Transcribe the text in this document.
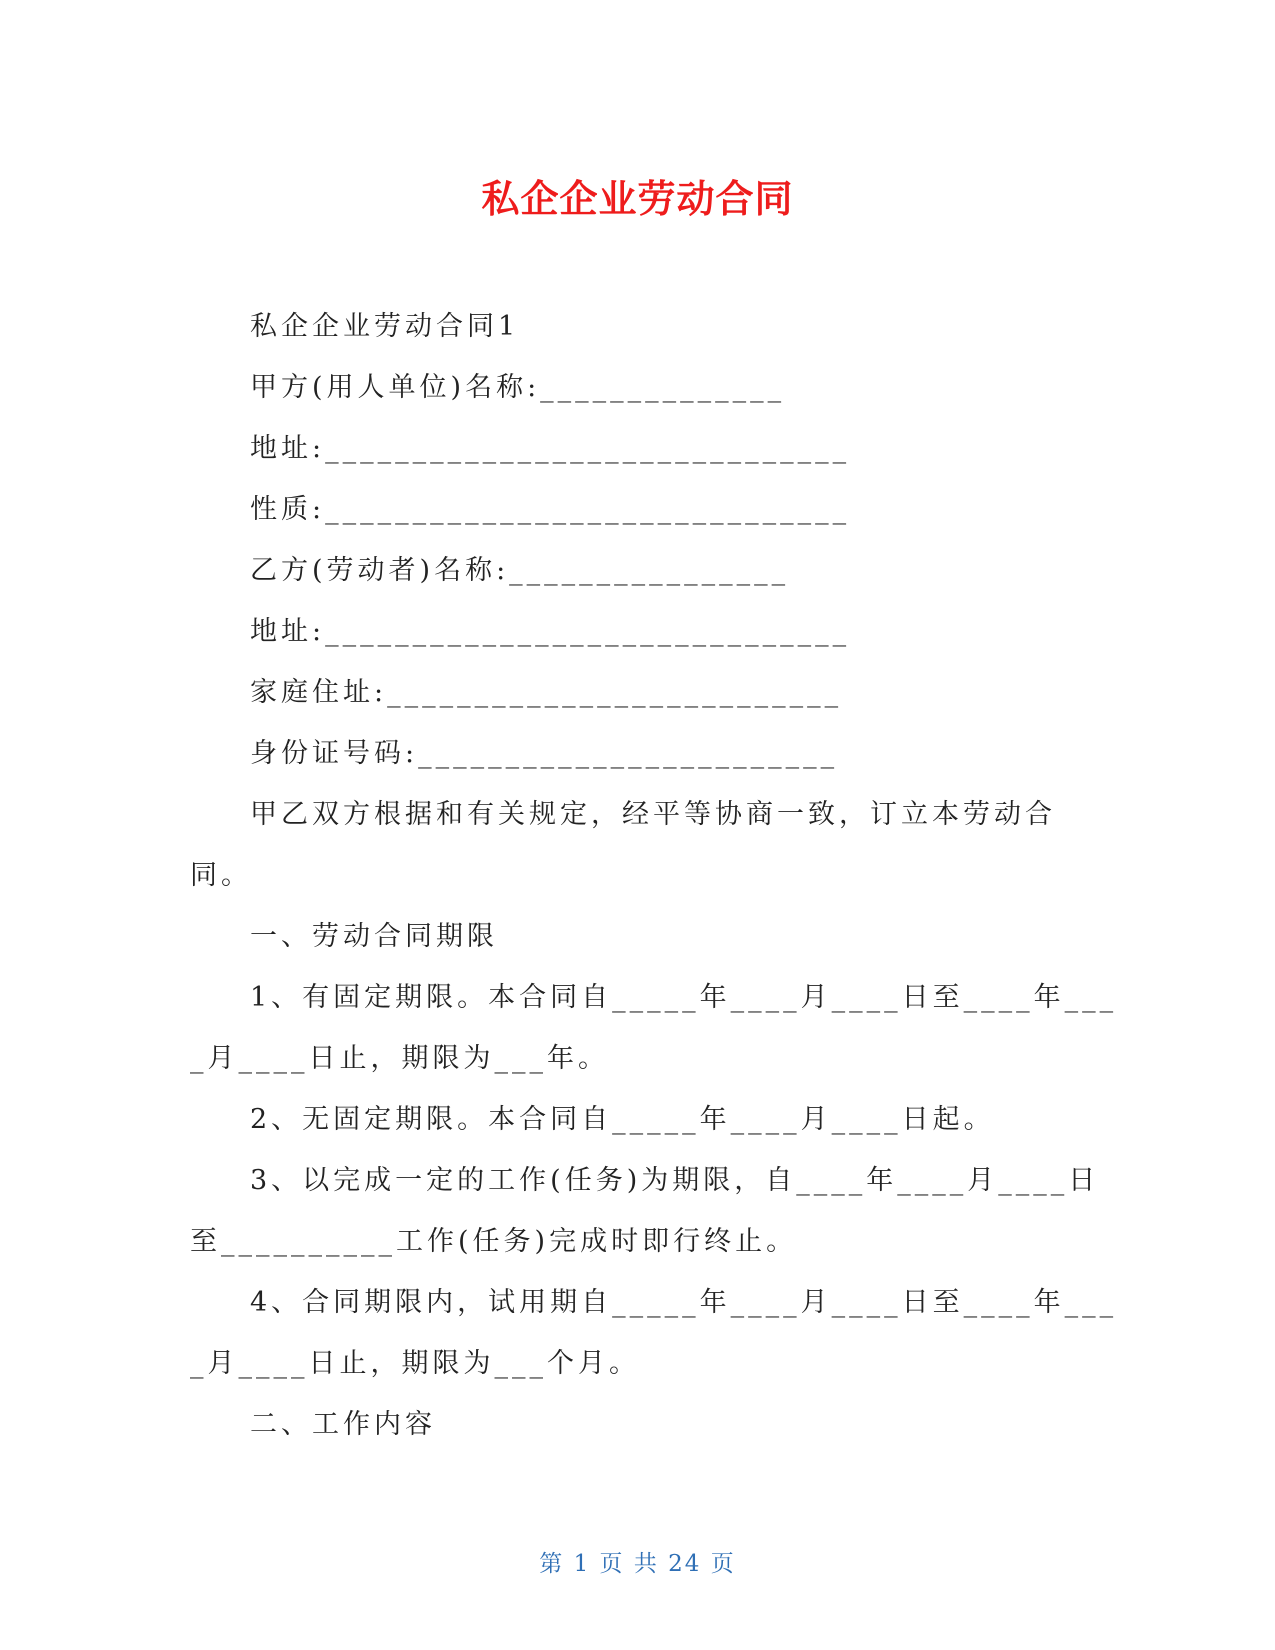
私企企业劳动合同
私企企业劳动合同1
甲方(用人单位)名称:______________
地址:______________________________
性质:______________________________
乙方(劳动者)名称:________________
地址:______________________________
家庭住址:__________________________
身份证号码:________________________
甲乙双方根据和有关规定，经平等协商一致，订立本劳动合
同。
一、劳动合同期限
1、有固定期限。本合同自_____年____月____日至____年___
_月____日止，期限为___年。
2、无固定期限。本合同自_____年____月____日起。
3、以完成一定的工作(任务)为期限，自____年____月____日
至__________工作(任务)完成时即行终止。
4、合同期限内，试用期自_____年____月____日至____年___
_月____日止，期限为___个月。
二、工作内容
第 1 页 共 24 页
